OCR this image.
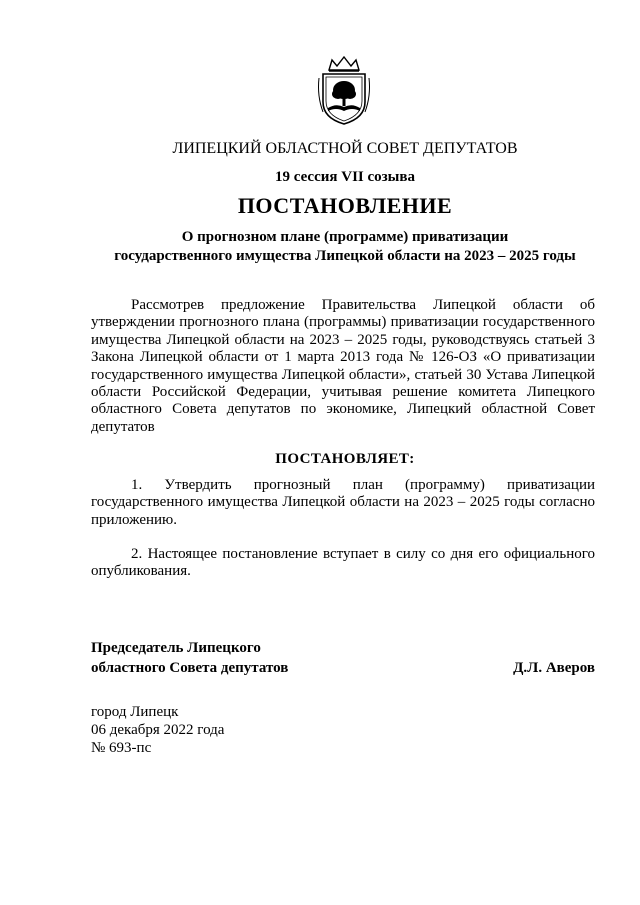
ЛИПЕЦКИЙ ОБЛАСТНОЙ СОВЕТ ДЕПУТАТОВ
19 сессия VII созыва
ПОСТАНОВЛЕНИЕ
О прогнозном плане (программе) приватизации
государственного имущества Липецкой области на 2023 – 2025 годы

Рассмотрев предложение Правительства Липецкой области об утверждении прогнозного плана (программы) приватизации государственного имущества Липецкой области на 2023 – 2025 годы, руководствуясь статьей 3 Закона Липецкой области от 1 марта 2013 года № 126-ОЗ «О приватизации государственного имущества Липецкой области», статьей 30 Устава Липецкой области Российской Федерации, учитывая решение комитета Липецкого областного Совета депутатов по экономике, Липецкий областной Совет депутатов

ПОСТАНОВЛЯЕТ:

1. Утвердить прогнозный план (программу) приватизации государственного имущества Липецкой области на 2023 – 2025 годы согласно приложению.

2. Настоящее постановление вступает в силу со дня его официального опубликования.

Председатель Липецкого
областного Совета депутатов	Д.Л. Аверов
город Липецк
06 декабря 2022 года
№ 693-пс
